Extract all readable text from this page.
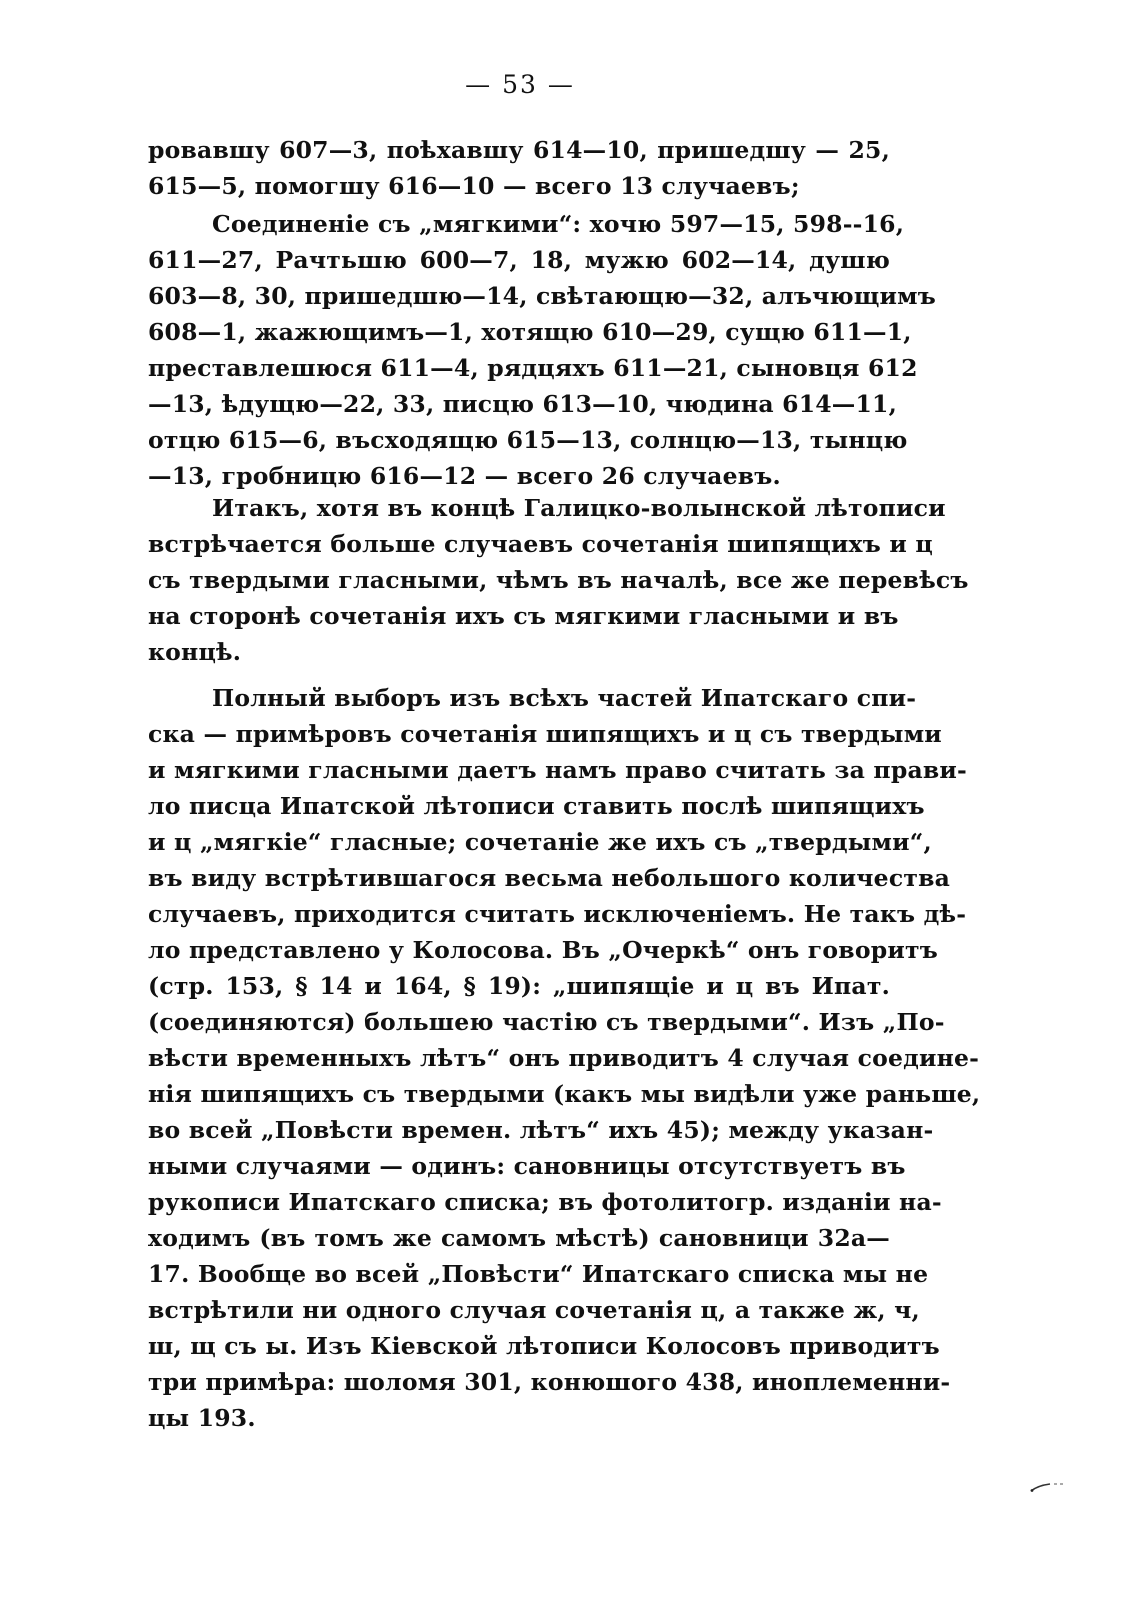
— 53 —
ровавшу 607—3, поѣхавшу 614—10, пришедшу — 25,
615—5, помогшу 616—10 — всего 13 случаевъ;
Соединеніе съ „мягкими“: хочю 597—15, 598--16,
611—27, Рачтьшю 600—7, 18, мужю 602—14, душю
603—8, 30, пришедшю—14, свѣтающю—32, алъчющимъ
608—1, жажющимъ—1, хотящю 610—29, сущю 611—1,
преставлешюся 611—4, рядцяхъ 611—21, сыновця 612
—13, ѣдущю—22, 33, писцю 613—10, чюдина 614—11,
отцю 615—6, въсходящю 615—13, солнцю—13, тынцю
—13, гробницю 616—12 — всего 26 случаевъ.
Итакъ, хотя въ концѣ Галицко-волынской лѣтописи
встрѣчается больше случаевъ сочетанія шипящихъ и ц
съ твердыми гласными, чѣмъ въ началѣ, все же перевѣсъ
на сторонѣ сочетанія ихъ съ мягкими гласными и въ
концѣ.
Полный выборъ изъ всѣхъ частей Ипатскаго спи-
ска — примѣровъ сочетанія шипящихъ и ц съ твердыми
и мягкими гласными даетъ намъ право считать за прави-
ло писца Ипатской лѣтописи ставить послѣ шипящихъ
и ц „мягкіе“ гласные; сочетаніе же ихъ съ „твердыми“,
въ виду встрѣтившагося весьма небольшого количества
случаевъ, приходится считать исключеніемъ. Не такъ дѣ-
ло представлено у Колосова. Въ „Очеркѣ“ онъ говоритъ
(стр. 153, § 14 и 164, § 19): „шипящіе и ц въ Ипат.
(соединяются) большею частію съ твердыми“. Изъ „По-
вѣсти временныхъ лѣтъ“ онъ приводитъ 4 случая соедине-
нія шипящихъ съ твердыми (какъ мы видѣли уже раньше,
во всей „Повѣсти времен. лѣтъ“ ихъ 45); между указан-
ными случаями — одинъ: сановницы отсутствуетъ въ
рукописи Ипатскаго списка; въ фотолитогр. изданіи на-
ходимъ (въ томъ же самомъ мѣстѣ) сановници 32а—
17. Вообще во всей „Повѣсти“ Ипатскаго списка мы не
встрѣтили ни одного случая сочетанія ц, а также ж, ч,
ш, щ съ ы. Изъ Кіевской лѣтописи Колосовъ приводитъ
три примѣра: шоломя 301, конюшого 438, иноплеменни-
цы 193.
